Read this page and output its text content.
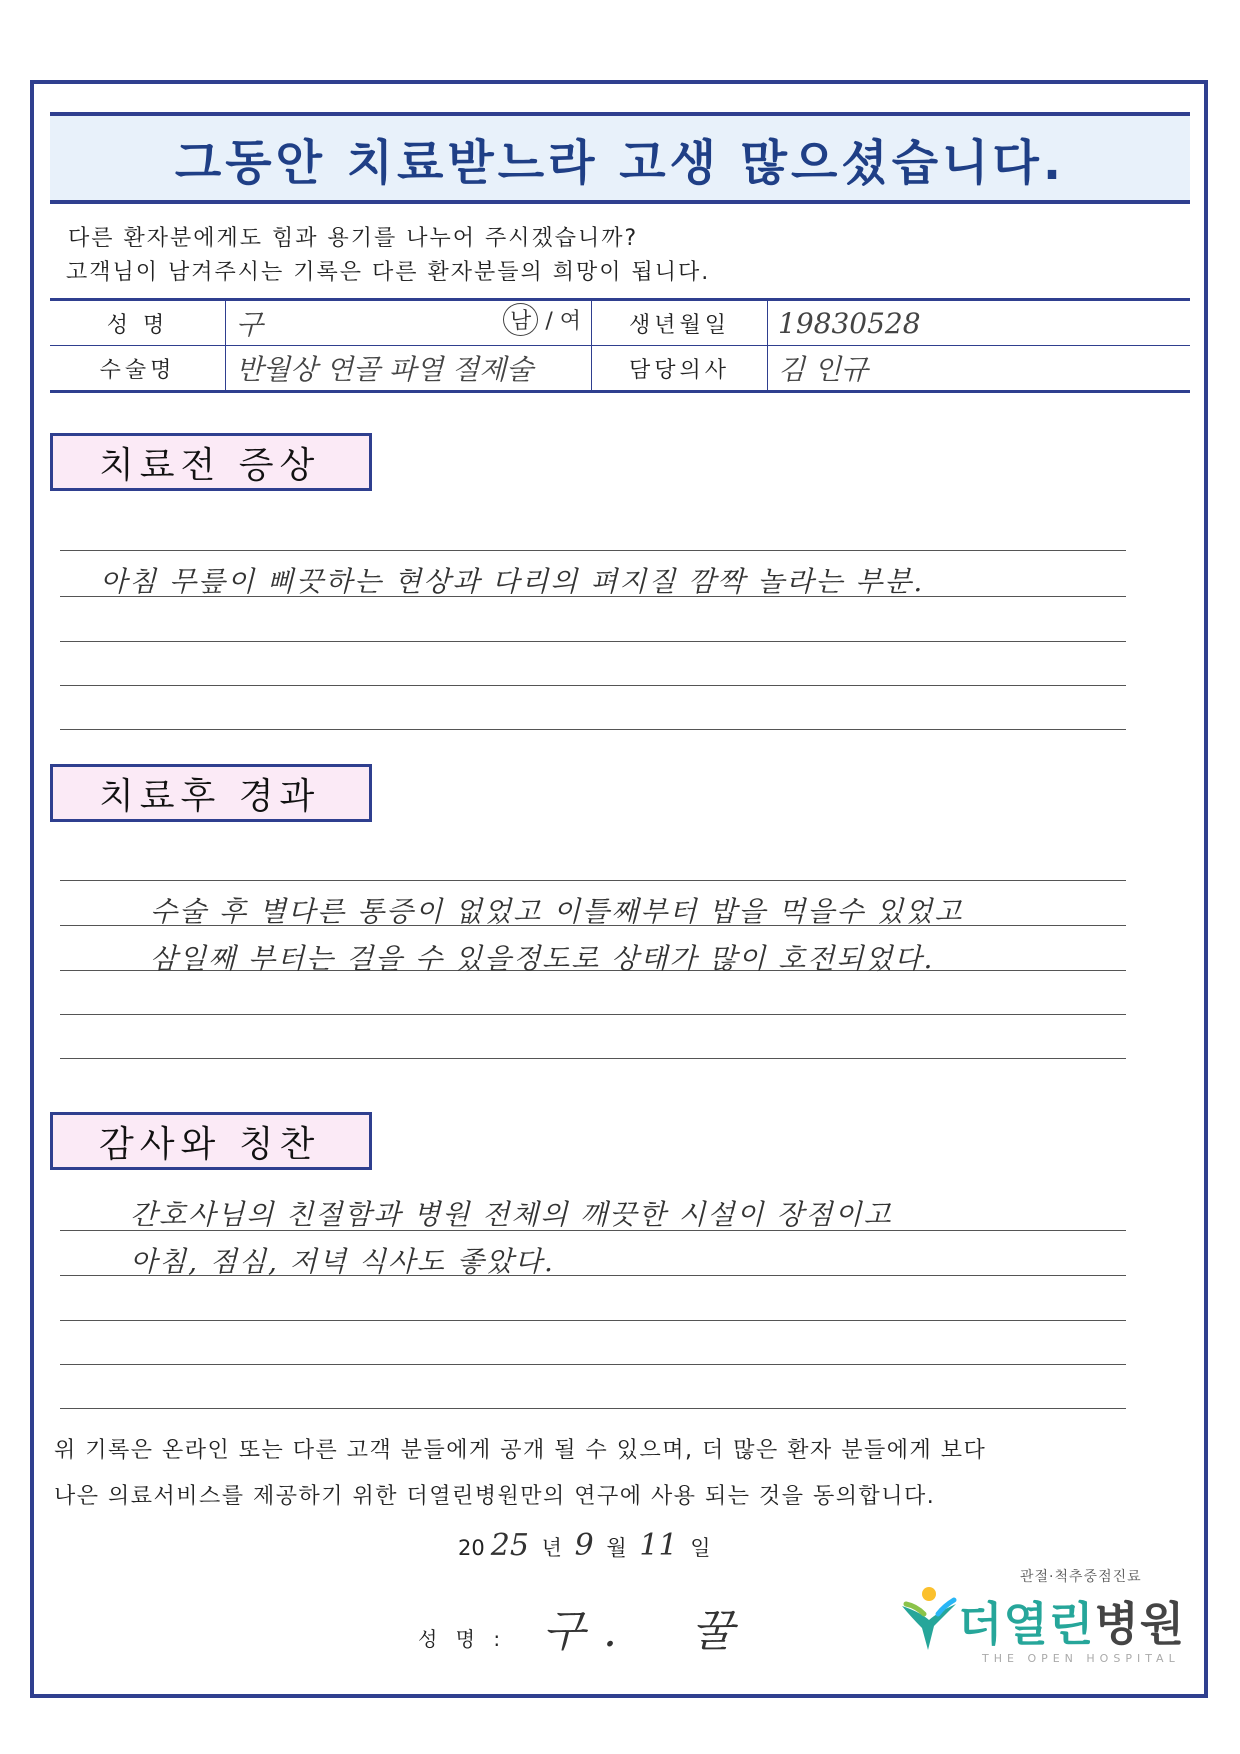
그동안 치료받느라 고생 많으셨습니다.
다른 환자분에게도 힘과 용기를 나누어 주시겠습니까?
고객님이 남겨주시는 기록은 다른 환자분들의 희망이 됩니다.
성 명	구 남 / 여	생년월일	19830528
수술명	반월상 연골 파열 절제술	담당의사	김 인규
치료전 증상
아침 무릎이 삐끗하는 현상과 다리의 펴지질 깜짝 놀라는 부분.
치료후 경과
수술 후 별다른 통증이 없었고 이틀째부터 밥을 먹을수 있었고
삼일째 부터는 걸을 수 있을정도로 상태가 많이 호전되었다.
감사와 칭찬
간호사님의 친절함과 병원 전체의 깨끗한 시설이 장점이고
아침, 점심, 저녁 식사도 좋았다.
위 기록은 온라인 또는 다른 고객 분들에게 공개 될 수 있으며, 더 많은 환자 분들에게 보다
나은 의료서비스를 제공하기 위한 더열린병원만의 연구에 사용 되는 것을 동의합니다.
20 25 년 9 월 11 일
성 명 : 구 . 꿀
관절·척추중점진료
더열린병원
THE OPEN HOSPITAL
